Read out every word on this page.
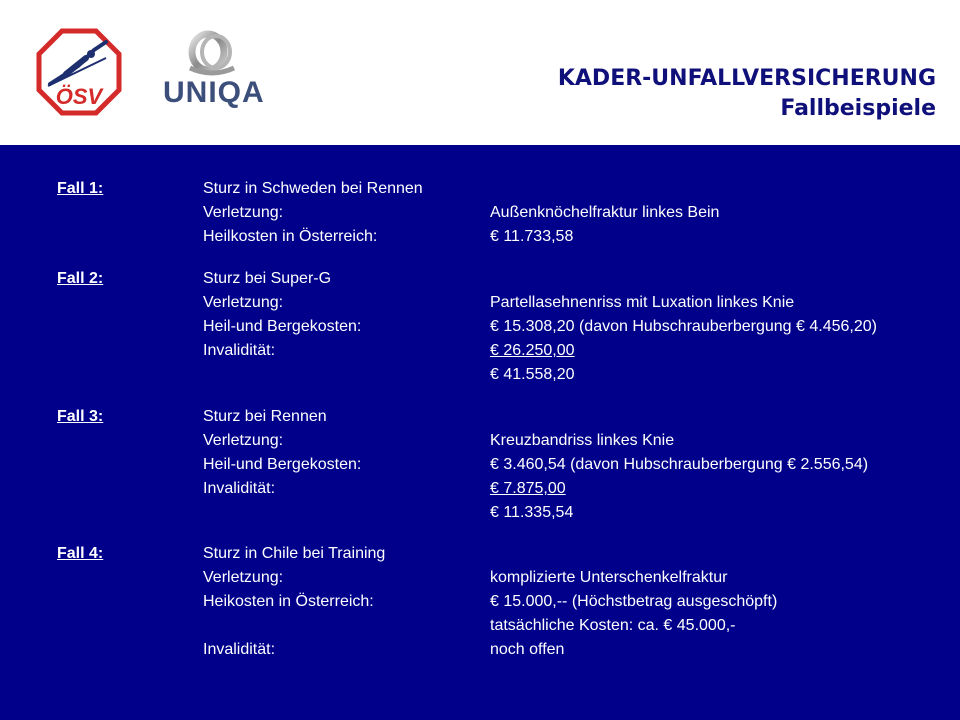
ÖSV UNIQA	KADER-UNFALLVERSICHERUNG
Fallbeispiele
Fall 1:	Sturz in Schweden bei Rennen
Verletzung:	Außenknöchelfraktur linkes Bein
Heilkosten in Österreich:	€ 11.733,58
Fall 2:	Sturz bei Super-G
Verletzung:	Partellasehnenriss mit Luxation linkes Knie
Heil-und Bergekosten:	€ 15.308,20 (davon Hubschrauberbergung € 4.456,20)
Invalidität:	€ 26.250,00
€ 41.558,20
Fall 3:	Sturz bei Rennen
Verletzung:	Kreuzbandriss linkes Knie
Heil-und Bergekosten:	€ 3.460,54 (davon Hubschrauberbergung € 2.556,54)
Invalidität:	€ 7.875,00
€ 11.335,54
Fall 4:	Sturz in Chile bei Training
Verletzung:	komplizierte Unterschenkelfraktur
Heikosten in Österreich:	€ 15.000,-- (Höchstbetrag ausgeschöpft)
tatsächliche Kosten: ca. € 45.000,-
Invalidität:	noch offen
